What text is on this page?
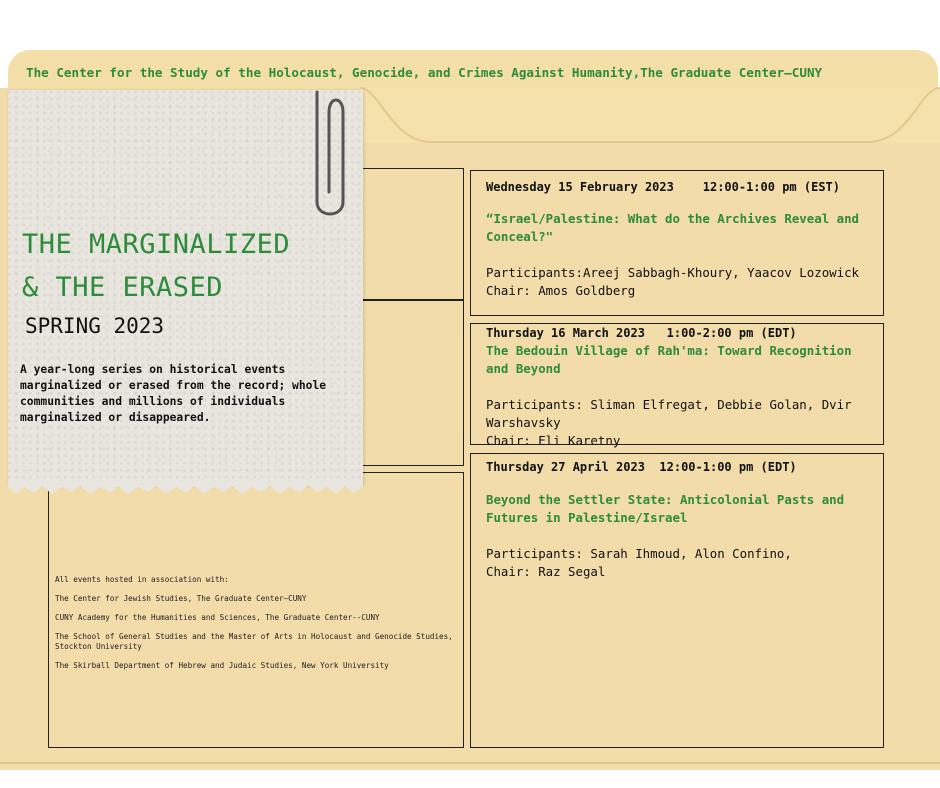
The Center for the Study of the Holocaust, Genocide, and Crimes Against Humanity,The Graduate Center—CUNY
THE MARGINALIZED
& THE ERASED
SPRING 2023
A year-long series on historical events marginalized or erased from the record; whole communities and millions of individuals marginalized or disappeared.

All events hosted in association with:

The Center for Jewish Studies, The Graduate Center—CUNY

CUNY Academy for the Humanities and Sciences, The Graduate Center--CUNY

The School of General Studies and the Master of Arts in Holocaust and Genocide Studies, Stockton University

The Skirball Department of Hebrew and Judaic Studies, New York University

Wednesday 15 February 2023    12:00-1:00 pm (EST)
“Israel/Palestine: What do the Archives Reveal and Conceal?"
Participants:Areej Sabbagh-Khoury, Yaacov Lozowick
Chair: Amos Goldberg
Thursday 16 March 2023   1:00-2:00 pm (EDT)
The Bedouin Village of Rah'ma: Toward Recognition and Beyond
Participants: Sliman Elfregat, Debbie Golan, Dvir Warshavsky
Chair: Eli Karetny
Thursday 27 April 2023  12:00-1:00 pm (EDT)
Beyond the Settler State: Anticolonial Pasts and Futures in Palestine/Israel
Participants: Sarah Ihmoud, Alon Confino,
Chair: Raz Segal
